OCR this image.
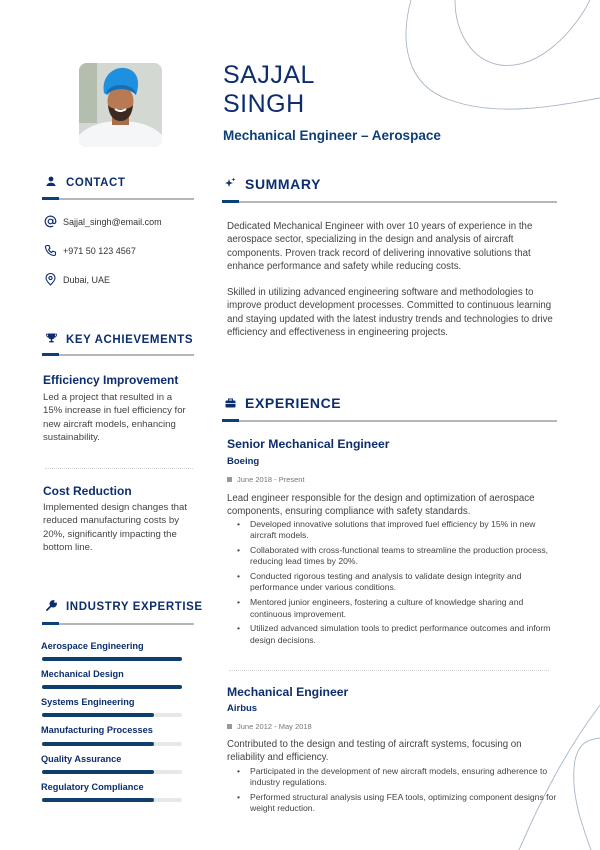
SAJJAL
SINGH
Mechanical Engineer – Aerospace
CONTACT
Sajjal_singh@email.com
+971 50 123 4567
Dubai, UAE
KEY ACHIEVEMENTS
Efficiency Improvement
Led a project that resulted in a 15% increase in fuel efficiency for new aircraft models, enhancing sustainability.
Cost Reduction
Implemented design changes that reduced manufacturing costs by 20%, significantly impacting the bottom line.
INDUSTRY EXPERTISE
Aerospace Engineering
Mechanical Design
Systems Engineering
Manufacturing Processes
Quality Assurance
Regulatory Compliance
SUMMARY

Dedicated Mechanical Engineer with over 10 years of experience in the aerospace sector, specializing in the design and analysis of aircraft components. Proven track record of delivering innovative solutions that enhance performance and safety while reducing costs.

Skilled in utilizing advanced engineering software and methodologies to improve product development processes. Committed to continuous learning and staying updated with the latest industry trends and technologies to drive efficiency and effectiveness in engineering projects.

EXPERIENCE
Senior Mechanical Engineer
Boeing
June 2018 - Present

Lead engineer responsible for the design and optimization of aerospace components, ensuring compliance with safety standards.

• Developed innovative solutions that improved fuel efficiency by 15% in new aircraft models.
• Collaborated with cross-functional teams to streamline the production process, reducing lead times by 20%.
• Conducted rigorous testing and analysis to validate design integrity and performance under various conditions.
• Mentored junior engineers, fostering a culture of knowledge sharing and continuous improvement.
• Utilized advanced simulation tools to predict performance outcomes and inform design decisions.
Mechanical Engineer
Airbus
June 2012 - May 2018

Contributed to the design and testing of aircraft systems, focusing on reliability and efficiency.

• Participated in the development of new aircraft models, ensuring adherence to industry regulations.
• Performed structural analysis using FEA tools, optimizing component designs for weight reduction.
